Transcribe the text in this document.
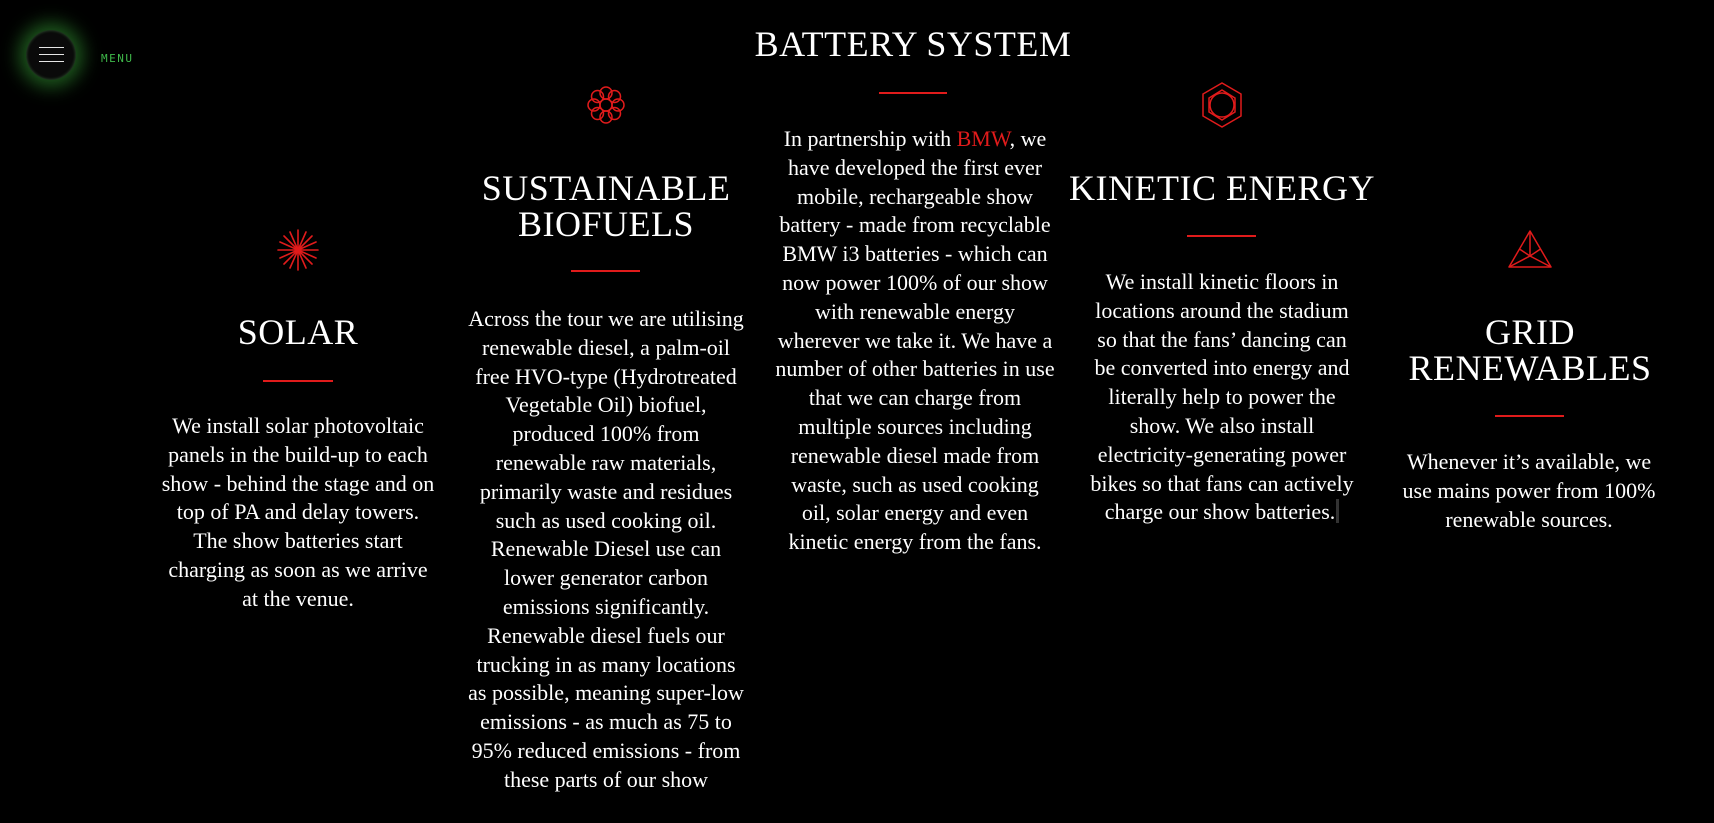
MENU	BATTERY SYSTEM
In partnership with BMW, we have developed the first ever mobile, rechargeable show battery - made from recyclable BMW i3 batteries - which can now power 100% of our show with renewable energy wherever we take it. We have a number of other batteries in use that we can charge from multiple sources including renewable diesel made from waste, such as used cooking oil, solar energy and even kinetic energy from the fans.
SOLAR
We install solar photovoltaic panels in the build-up to each show - behind the stage and on top of PA and delay towers. The show batteries start charging as soon as we arrive at the venue.
SUSTAINABLE
BIOFUELS
Across the tour we are utilising renewable diesel, a palm-oil free HVO-type (Hydrotreated Vegetable Oil) biofuel, produced 100% from renewable raw materials, primarily waste and residues such as used cooking oil. Renewable Diesel use can lower generator carbon emissions significantly. Renewable diesel fuels our trucking in as many locations as possible, meaning super-low emissions - as much as 75 to 95% reduced emissions - from these parts of our show
KINETIC ENERGY
We install kinetic floors in locations around the stadium so that the fans’ dancing can be converted into energy and literally help to power the show. We also install electricity-generating power bikes so that fans can actively charge our show batteries.
GRID
RENEWABLES
Whenever it’s available, we use mains power from 100% renewable sources.
